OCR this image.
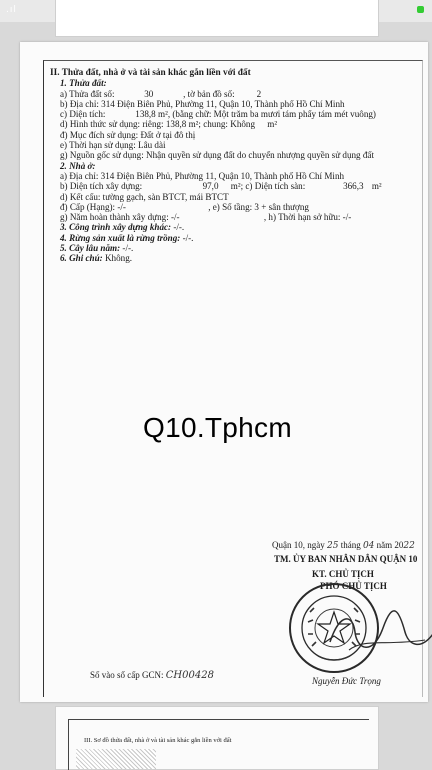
.ıl
II. Thửa đất, nhà ở và tài sản khác gắn liền với đất
1. Thửa đất:
a) Thửa đất số:	30	, tờ bản đồ số: 2
b) Địa chỉ: 314 Điện Biên Phủ, Phường 11, Quận 10, Thành phố Hồ Chí Minh
c) Diện tích:	138,8 m², (bằng chữ: Một trăm ba mươi tám phẩy tám mét vuông)
d) Hình thức sử dụng: riêng: 138,8 m²; chung: Không m²
đ) Mục đích sử dụng: Đất ở tại đô thị
e) Thời hạn sử dụng: Lâu dài
g) Nguồn gốc sử dụng: Nhận quyền sử dụng đất do chuyển nhượng quyền sử dụng đất
2. Nhà ở:
a) Địa chỉ: 314 Điện Biên Phủ, Phường 11, Quận 10, Thành phố Hồ Chí Minh
b) Diện tích xây dựng:	97,0 m²; c) Diện tích sàn:	366,3 m²
d) Kết cấu: tường gạch, sàn BTCT, mái BTCT
đ) Cấp (Hạng): -/-	, e) Số tầng: 3 + sân thượng
g) Năm hoàn thành xây dựng: -/-	, h) Thời hạn sở hữu: -/-
3. Công trình xây dựng khác: -/-.
4. Rừng sản xuất là rừng trồng: -/-.
5. Cây lâu năm: -/-.
6. Ghi chú: Không.
Q10.Tphcm
Quận 10, ngày 25 tháng 04 năm 2022
TM. ỦY BAN NHÂN DÂN QUẬN 10
KT. CHỦ TỊCH
PHÓ CHỦ TỊCH
Nguyễn Đức Trọng
Số vào sổ cấp GCN: CH00428
III. Sơ đồ thửa đất, nhà ở và tài sản khác gắn liền với đất
